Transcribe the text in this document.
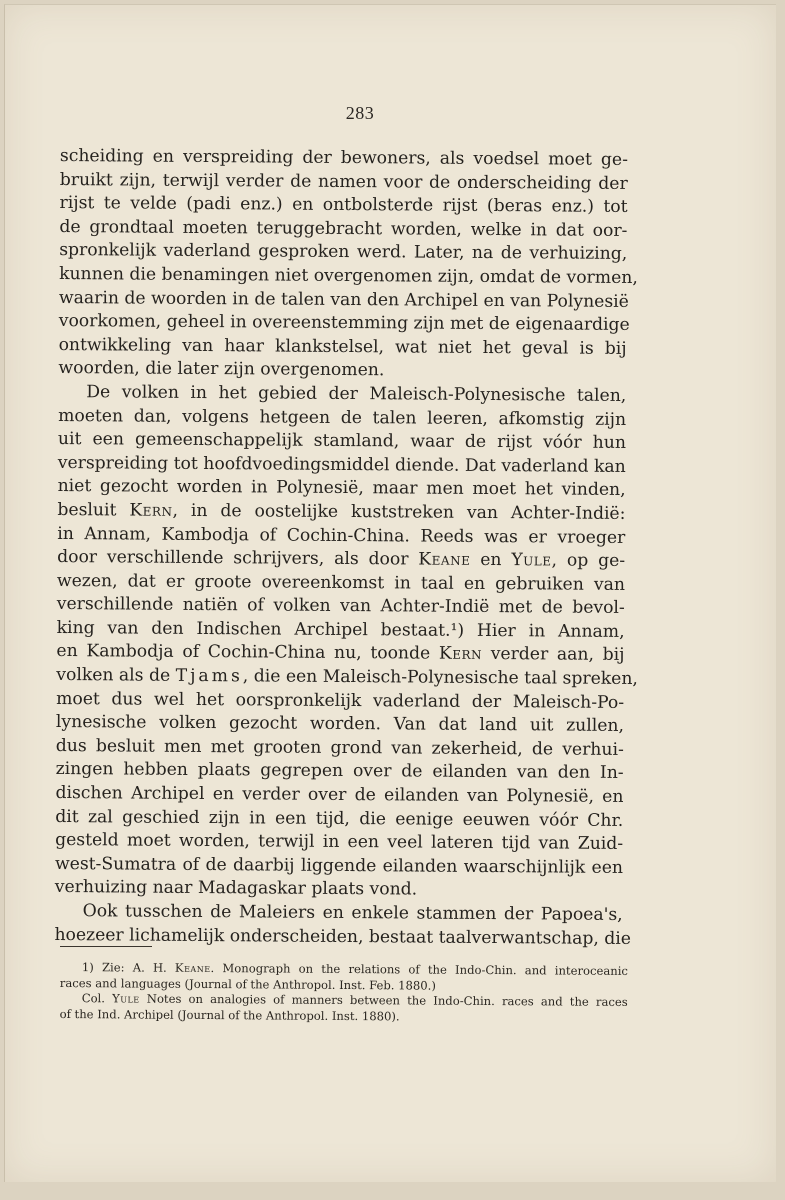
283
scheiding en verspreiding der bewoners, als voedsel moet ge-
bruikt zijn, terwijl verder de namen voor de onderscheiding der
rijst te velde (padi enz.) en ontbolsterde rijst (beras enz.) tot
de grondtaal moeten teruggebracht worden, welke in dat oor-
spronkelijk vaderland gesproken werd. Later, na de verhuizing,
kunnen die benamingen niet overgenomen zijn, omdat de vormen,
waarin de woorden in de talen van den Archipel en van Polynesië
voorkomen, geheel in overeenstemming zijn met de eigenaardige
ontwikkeling van haar klankstelsel, wat niet het geval is bij
woorden, die later zijn overgenomen.
De volken in het gebied der Maleisch-Polynesische talen,
moeten dan, volgens hetgeen de talen leeren, afkomstig zijn
uit een gemeenschappelijk stamland, waar de rijst vóór hun
verspreiding tot hoofdvoedingsmiddel diende. Dat vaderland kan
niet gezocht worden in Polynesië, maar men moet het vinden,
besluit Kern, in de oostelijke kuststreken van Achter-Indië:
in Annam, Kambodja of Cochin-China. Reeds was er vroeger
door verschillende schrijvers, als door Keane en Yule, op ge-
wezen, dat er groote overeenkomst in taal en gebruiken van
verschillende natiën of volken van Achter-Indië met de bevol-
king van den Indischen Archipel bestaat.¹) Hier in Annam,
en Kambodja of Cochin-China nu, toonde Kern verder aan, bij
volken als de Tjams, die een Maleisch-Polynesische taal spreken,
moet dus wel het oorspronkelijk vaderland der Maleisch-Po-
lynesische volken gezocht worden. Van dat land uit zullen,
dus besluit men met grooten grond van zekerheid, de verhui-
zingen hebben plaats gegrepen over de eilanden van den In-
dischen Archipel en verder over de eilanden van Polynesië, en
dit zal geschied zijn in een tijd, die eenige eeuwen vóór Chr.
gesteld moet worden, terwijl in een veel lateren tijd van Zuid-
west-Sumatra of de daarbij liggende eilanden waarschijnlijk een
verhuizing naar Madagaskar plaats vond.
Ook tusschen de Maleiers en enkele stammen der Papoea's,
hoezeer lichamelijk onderscheiden, bestaat taalverwantschap, die
1) Zie: A. H. Keane. Monograph on the relations of the Indo-Chin. and interoceanic
races and languages (Journal of the Anthropol. Inst. Feb. 1880.)
Col. Yule Notes on analogies of manners between the Indo-Chin. races and the races
of the Ind. Archipel (Journal of the Anthropol. Inst. 1880).
